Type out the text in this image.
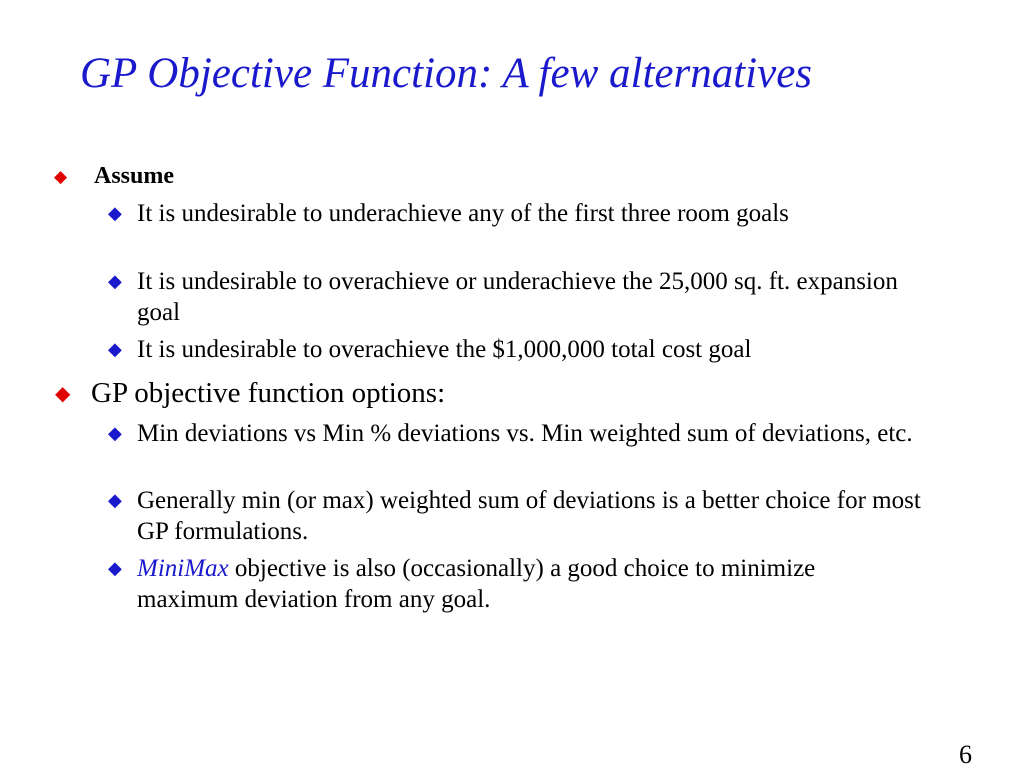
GP Objective Function: A few alternatives
◆ Assume
◆ It is undesirable to underachieve any of the first three room goals
◆ It is undesirable to overachieve or underachieve the 25,000 sq. ft. expansion goal
◆ It is undesirable to overachieve the $1,000,000 total cost goal
◆ GP objective function options:
◆ Min deviations vs Min % deviations vs. Min weighted sum of deviations, etc.
◆ Generally min (or max) weighted sum of deviations is a better choice for most GP formulations.
◆ MiniMax objective is also (occasionally) a good choice to minimize maximum deviation from any goal.
6
